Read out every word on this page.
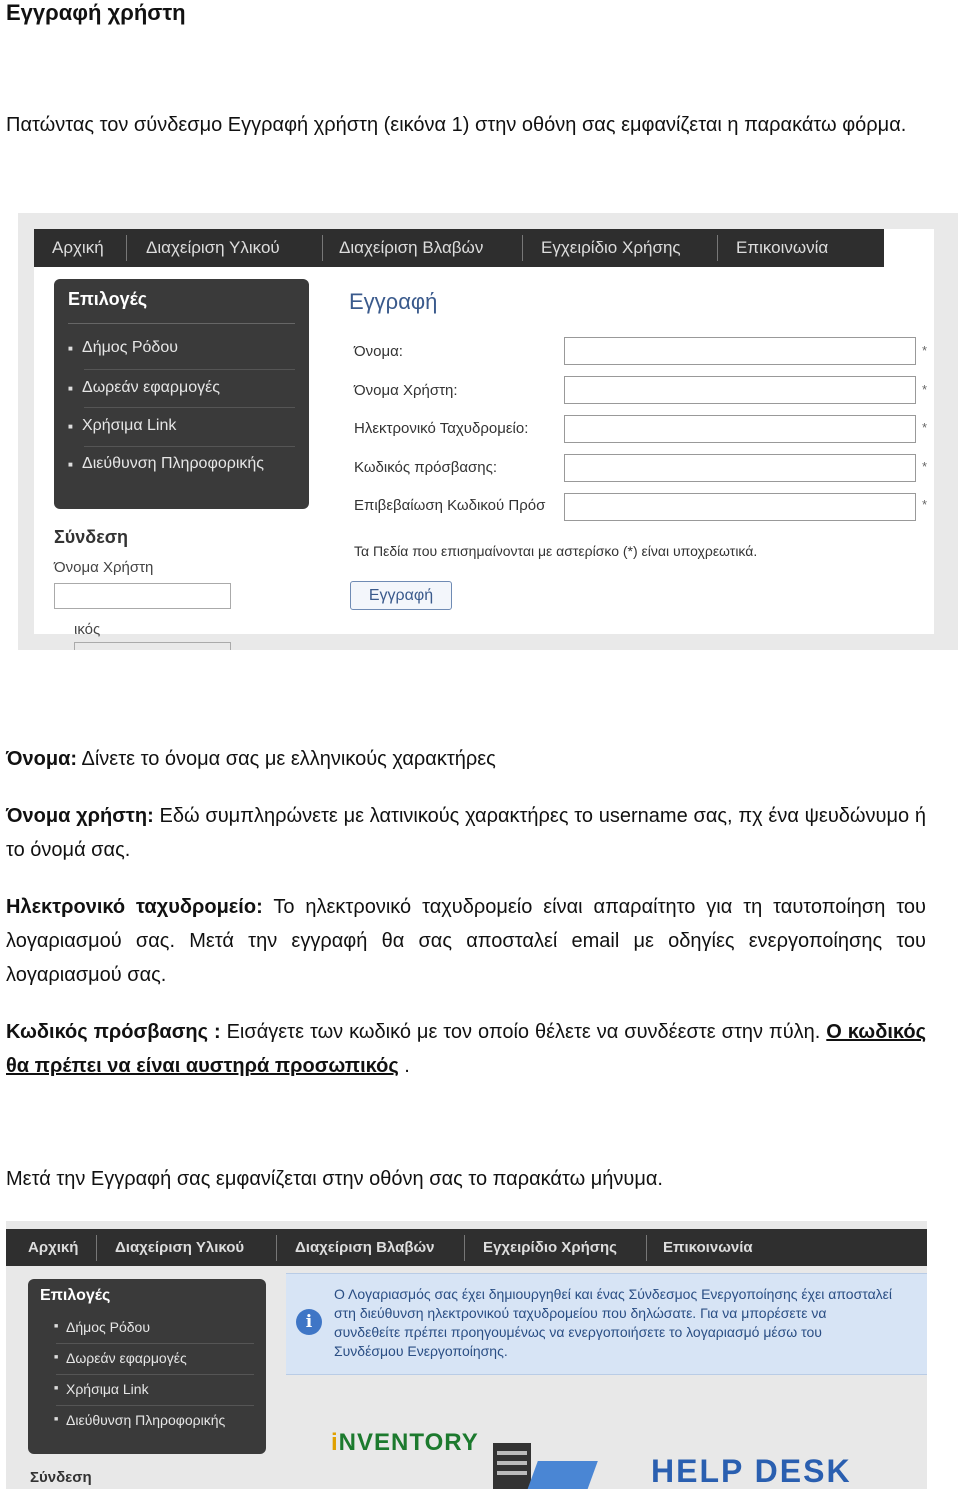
Εγγραφή χρήστη
Πατώντας τον σύνδεσμο Εγγραφή χρήστη (εικόνα 1) στην οθόνη σας εμφανίζεται η παρακάτω φόρμα.
Αρχική Διαχείριση Υλικού	Διαχείριση Βλαβών	Εγχειρίδιο Χρήσης	Επικοινωνία
Επιλογές
■ Δήμος Ρόδου
■ Δωρεάν εφαρμογές
■ Χρήσιμα Link
■ Διεύθυνση Πληροφορικής
Σύνδεση
Όνομα Χρήστη
ικός
Εγγραφή
Όνομα:	*
Όνομα Χρήστη:	*
Ηλεκτρονικό Ταχυδρομείο:	*
Κωδικός πρόσβασης:	*
Επιβεβαίωση Κωδικού Πρόσ	*
Τα Πεδία που επισημαίνονται με αστερίσκο (*) είναι υποχρεωτικά.
Εγγραφή
Όνομα: Δίνετε το όνομα σας με ελληνικούς χαρακτήρες
Όνομα χρήστη: Εδώ συμπληρώνετε με λατινικούς χαρακτήρες το username σας, πχ ένα ψευδώνυμο ή το όνομά σας.
Ηλεκτρονικό ταχυδρομείο: Το ηλεκτρονικό ταχυδρομείο είναι απαραίτητο για τη ταυτοποίηση του λογαριασμού σας. Μετά την εγγραφή θα σας αποσταλεί email με οδηγίες ενεργοποίησης του λογαριασμού σας.
Κωδικός πρόσβασης : Εισάγετε των κωδικό με τον οποίο θέλετε να συνδέεστε στην πύλη. Ο κωδικός θα πρέπει να είναι αυστηρά προσωπικός .
Μετά την Εγγραφή σας εμφανίζεται στην οθόνη σας το παρακάτω μήνυμα.
Αρχική Διαχείριση Υλικού	Διαχείριση Βλαβών	Εγχειρίδιο Χρήσης	Επικοινωνία
Επιλογές
■ Δήμος Ρόδου
■ Δωρεάν εφαρμογές
■ Χρήσιμα Link
■ Διεύθυνση Πληροφορικής
Σύνδεση
i
Ο Λογαριασμός σας έχει δημιουργηθεί και ένας Σύνδεσμος Ενεργοποίησης έχει αποσταλεί στη διεύθυνση ηλεκτρονικού ταχυδρομείου που δηλώσατε. Για να μπορέσετε να συνδεθείτε πρέπει προηγουμένως να ενεργοποιήσετε το λογαριασμό μέσω του Συνδέσμου Ενεργοποίησης.
iNVENTORY
HELP DESK
